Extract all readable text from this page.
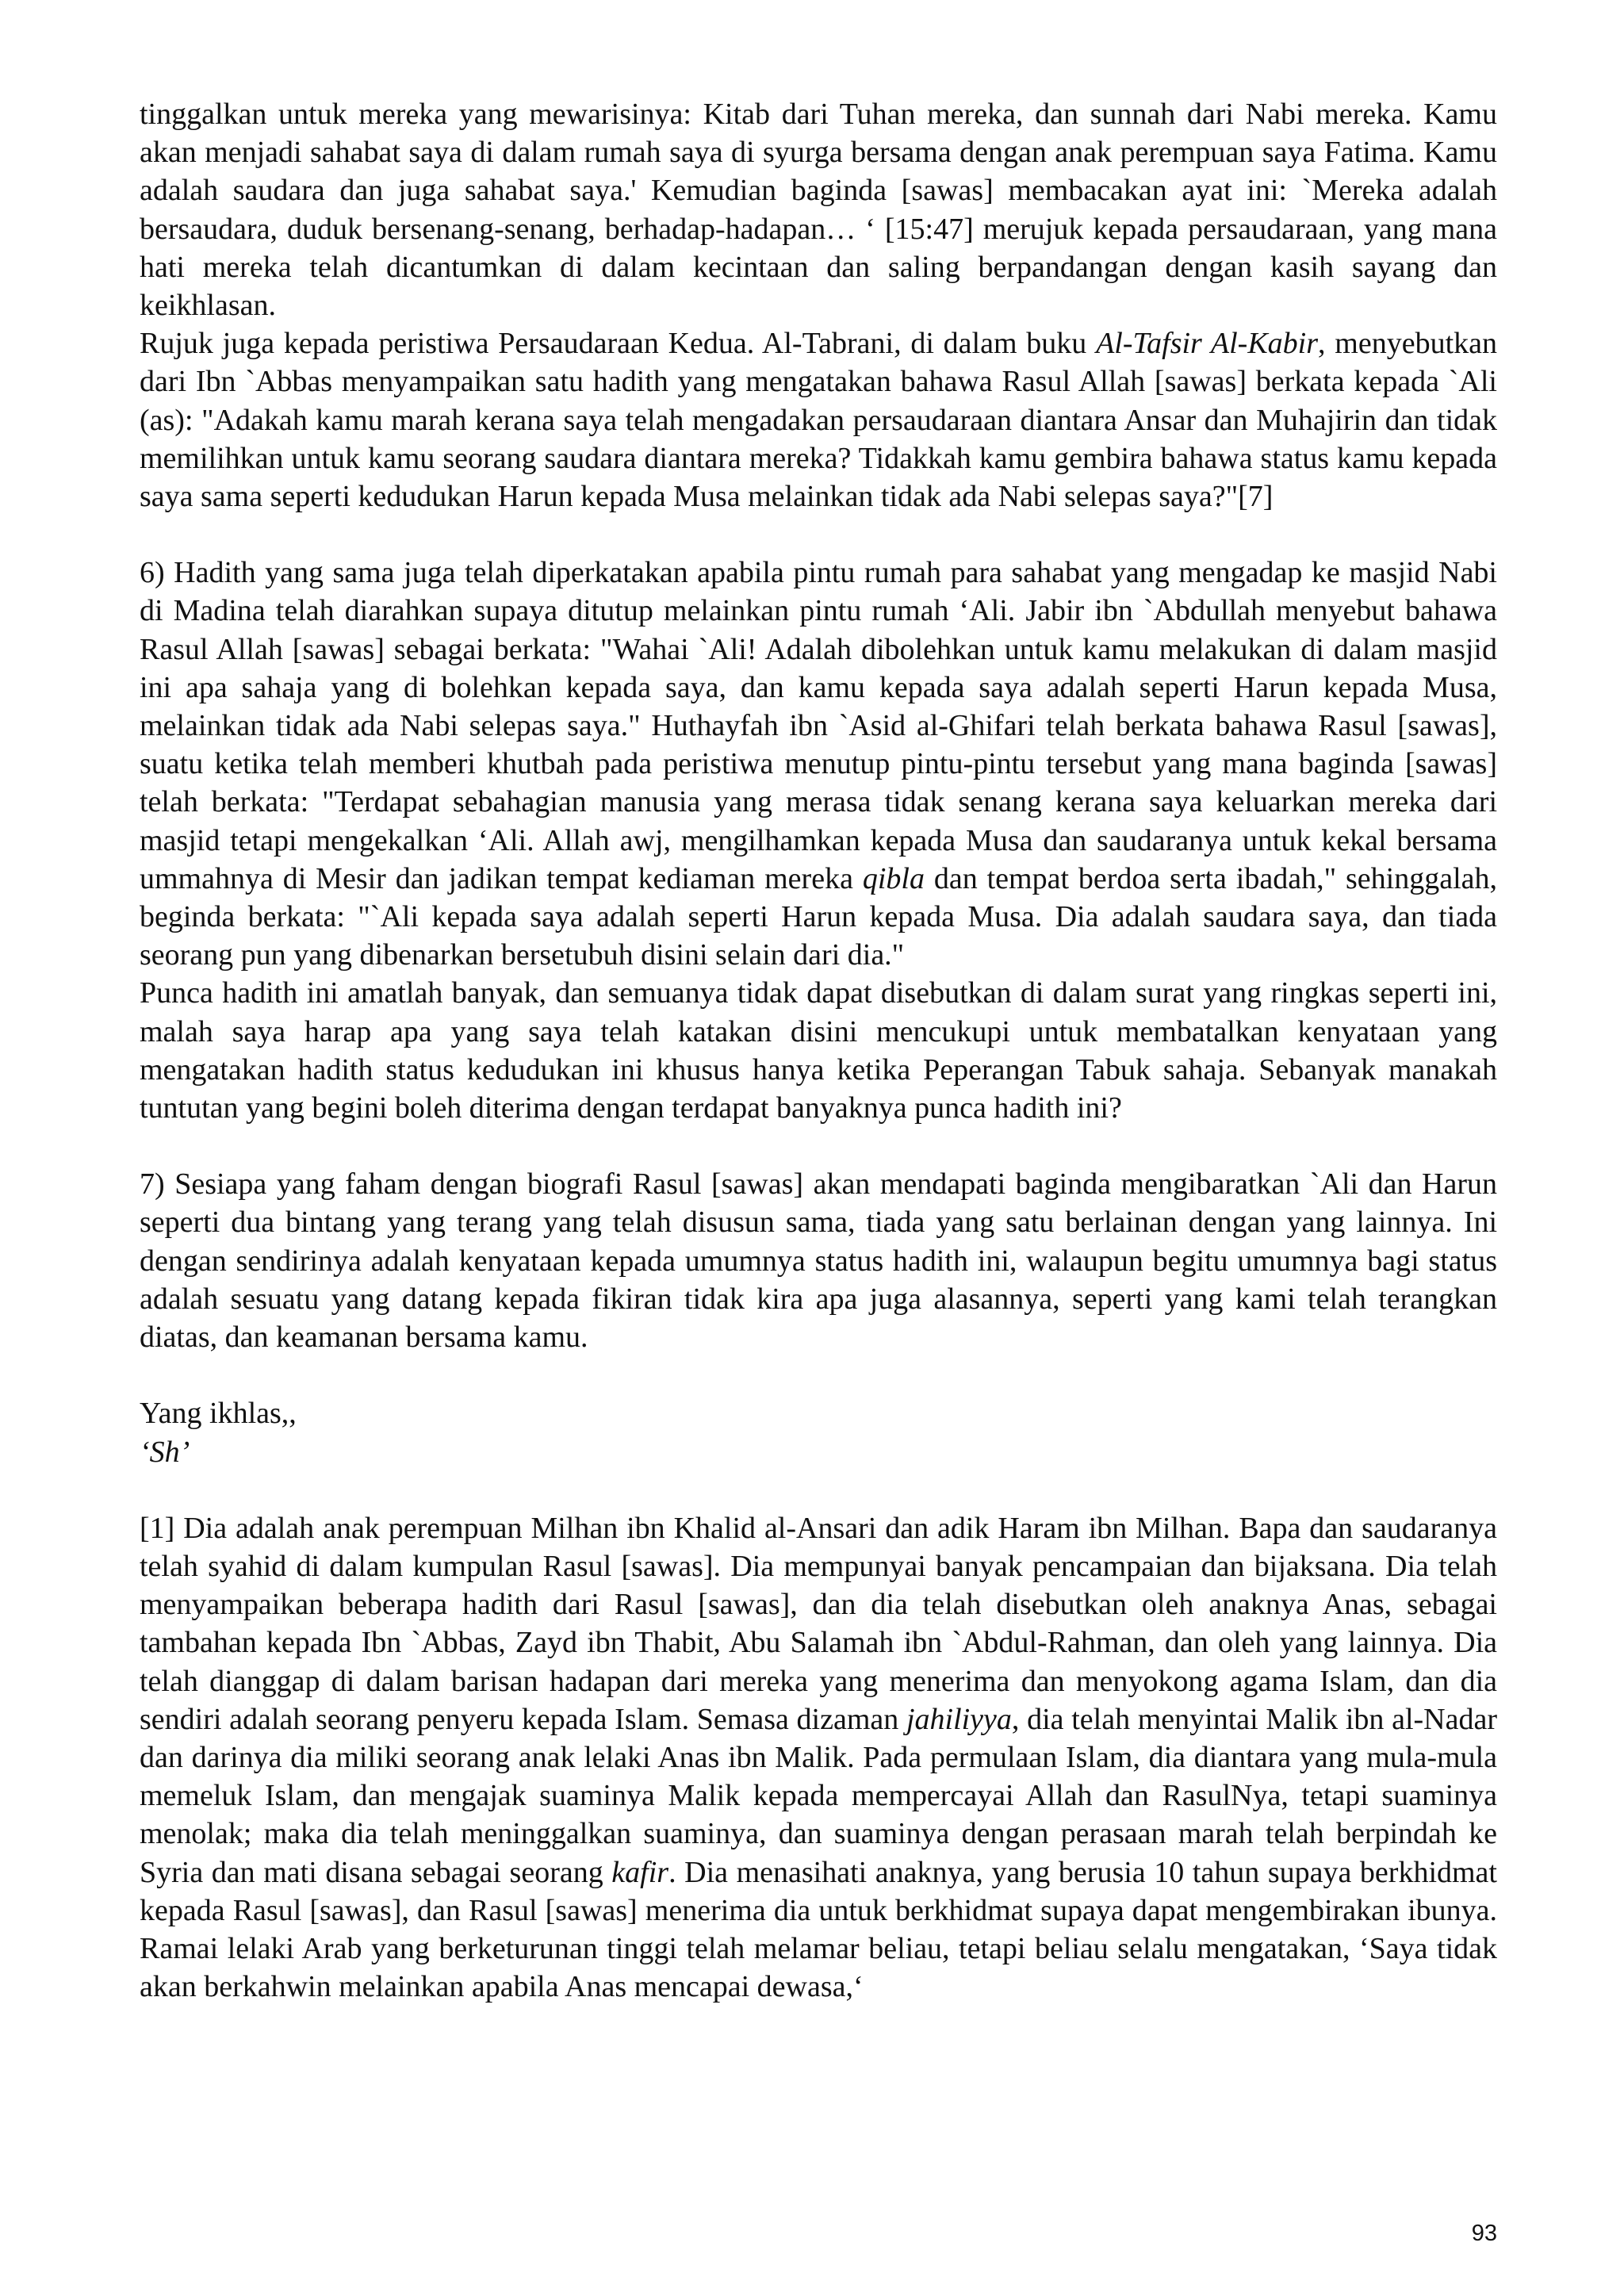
tinggalkan untuk mereka yang mewarisinya: Kitab dari Tuhan mereka, dan sunnah dari Nabi mereka. Kamu akan menjadi sahabat saya di dalam rumah saya di syurga bersama dengan anak perempuan saya Fatima. Kamu adalah saudara dan juga sahabat saya.' Kemudian baginda [sawas] membacakan ayat ini: `Mereka adalah bersaudara, duduk bersenang-senang, berhadap-hadapan… ‘ [15:47] merujuk kepada persaudaraan, yang mana hati mereka telah dicantumkan di dalam kecintaan dan saling berpandangan dengan kasih sayang dan keikhlasan.

Rujuk juga kepada peristiwa Persaudaraan Kedua. Al-Tabrani, di dalam buku Al-Tafsir Al-Kabir, menyebutkan dari Ibn `Abbas menyampaikan satu hadith yang mengatakan bahawa Rasul Allah [sawas] berkata kepada `Ali (as): "Adakah kamu marah kerana saya telah mengadakan persaudaraan diantara Ansar dan Muhajirin dan tidak memilihkan untuk kamu seorang saudara diantara mereka? Tidakkah kamu gembira bahawa status kamu kepada saya sama seperti kedudukan Harun kepada Musa melainkan tidak ada Nabi selepas saya?"[7]

6) Hadith yang sama juga telah diperkatakan apabila pintu rumah para sahabat yang mengadap ke masjid Nabi di Madina telah diarahkan supaya ditutup melainkan pintu rumah ‘Ali. Jabir ibn `Abdullah menyebut bahawa Rasul Allah [sawas] sebagai berkata: "Wahai `Ali! Adalah dibolehkan untuk kamu melakukan di dalam masjid ini apa sahaja yang di bolehkan kepada saya, dan kamu kepada saya adalah seperti Harun kepada Musa, melainkan tidak ada Nabi selepas saya." Huthayfah ibn `Asid al-Ghifari telah berkata bahawa Rasul [sawas], suatu ketika telah memberi khutbah pada peristiwa menutup pintu-pintu tersebut yang mana baginda [sawas] telah berkata: "Terdapat sebahagian manusia yang merasa tidak senang kerana saya keluarkan mereka dari masjid tetapi mengekalkan ‘Ali. Allah awj, mengilhamkan kepada Musa dan saudaranya untuk kekal bersama ummahnya di Mesir dan jadikan tempat kediaman mereka qibla dan tempat berdoa serta ibadah," sehinggalah, beginda berkata: "`Ali kepada saya adalah seperti Harun kepada Musa. Dia adalah saudara saya, dan tiada seorang pun yang dibenarkan bersetubuh disini selain dari dia."

Punca hadith ini amatlah banyak, dan semuanya tidak dapat disebutkan di dalam surat yang ringkas seperti ini, malah saya harap apa yang saya telah katakan disini mencukupi untuk membatalkan kenyataan yang mengatakan hadith status kedudukan ini khusus hanya ketika Peperangan Tabuk sahaja. Sebanyak manakah tuntutan yang begini boleh diterima dengan terdapat banyaknya punca hadith ini?

7) Sesiapa yang faham dengan biografi Rasul [sawas] akan mendapati baginda mengibaratkan `Ali dan Harun seperti dua bintang yang terang yang telah disusun sama, tiada yang satu berlainan dengan yang lainnya. Ini dengan sendirinya adalah kenyataan kepada umumnya status hadith ini, walaupun begitu umumnya bagi status adalah sesuatu yang datang kepada fikiran tidak kira apa juga alasannya, seperti yang kami telah terangkan diatas, dan keamanan bersama kamu.

Yang ikhlas,,

‘Sh’

[1] Dia adalah anak perempuan Milhan ibn Khalid al-Ansari dan adik Haram ibn Milhan. Bapa dan saudaranya telah syahid di dalam kumpulan Rasul [sawas]. Dia mempunyai banyak pencampaian dan bijaksana. Dia telah menyampaikan beberapa hadith dari Rasul [sawas], dan dia telah disebutkan oleh anaknya Anas, sebagai tambahan kepada Ibn `Abbas, Zayd ibn Thabit, Abu Salamah ibn `Abdul-Rahman, dan oleh yang lainnya. Dia telah dianggap di dalam barisan hadapan dari mereka yang menerima dan menyokong agama Islam, dan dia sendiri adalah seorang penyeru kepada Islam. Semasa dizaman jahiliyya, dia telah menyintai Malik ibn al-Nadar dan darinya dia miliki seorang anak lelaki Anas ibn Malik. Pada permulaan Islam, dia diantara yang mula-mula memeluk Islam, dan mengajak suaminya Malik kepada mempercayai Allah dan RasulNya, tetapi suaminya menolak; maka dia telah meninggalkan suaminya, dan suaminya dengan perasaan marah telah berpindah ke Syria dan mati disana sebagai seorang kafir. Dia menasihati anaknya, yang berusia 10 tahun supaya berkhidmat kepada Rasul [sawas], dan Rasul [sawas] menerima dia untuk berkhidmat supaya dapat mengembirakan ibunya. Ramai lelaki Arab yang berketurunan tinggi telah melamar beliau, tetapi beliau selalu mengatakan, ‘Saya tidak akan berkahwin melainkan apabila Anas mencapai dewasa,‘

93
